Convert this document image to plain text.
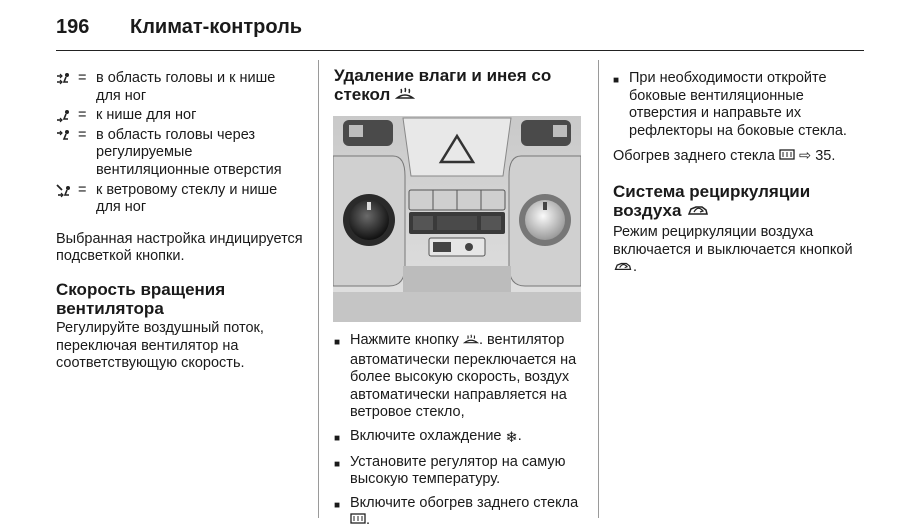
196 Климат-контроль
= в область головы и к нише для ног
= к нише для ног
= в область головы через регулируемые вентиляционные отверстия
= к ветровому стеклу и нише для ног

Выбранная настройка индицируется подсветкой кнопки.

Скорость вращения вентилятора

Регулируйте воздушный поток, переключая вентилятор на соответствующую скорость.

Удаление влаги и инея со стекол
■ Нажмите кнопку . вентилятор автоматически переключается на более высокую скорость, воздух автоматически направляется на ветровое стекло,
■ Включите охлаждение ❄.
■ Установите регулятор на самую высокую температуру.
■ Включите обогрев заднего стекла .
■ При необходимости откройте боковые вентиляционные отверстия и направьте их рефлекторы на боковые стекла.

Обогрев заднего стекла ⇨ 35.

Система рециркуляции воздуха

Режим рециркуляции воздуха включается и выключается кнопкой .
